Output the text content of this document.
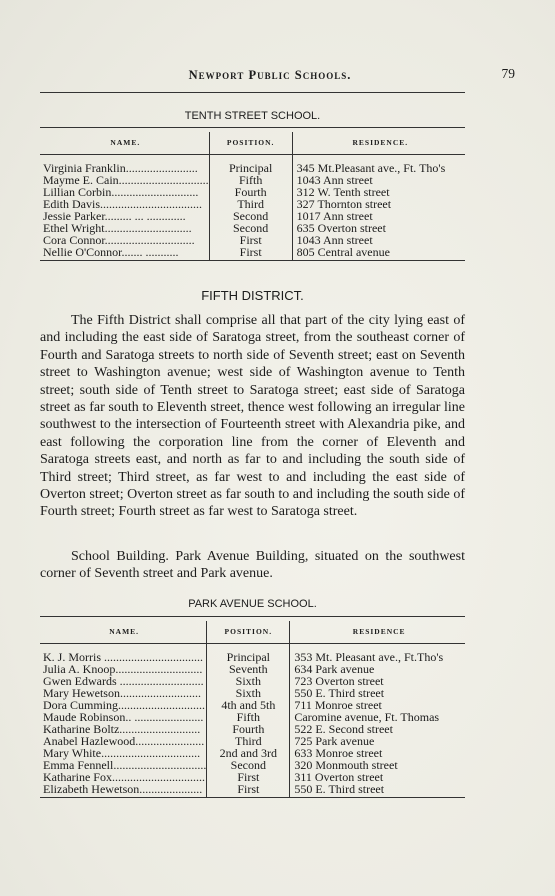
Newport Public Schools.	79
TENTH STREET SCHOOL.
NAME.	POSITION.	RESIDENCE.

Virginia Franklin........................	Principal	345 Mt.Pleasant ave., Ft. Tho's
Mayme E. Cain..............................	Fifth	1043 Ann street
Lillian Corbin.............................	Fourth	312 W. Tenth street
Edith Davis..................................	Third	327 Thornton street
Jessie Parker......... ... .............	Second	1017 Ann street
Ethel Wright.............................	Second	635 Overton street
Cora Connor..............................	First	1043 Ann street
Nellie O'Connor....... ...........	First	805 Central avenue
FIFTH DISTRICT.

The Fifth District shall comprise all that part of the city lying east of and including the east side of Saratoga street, from the southeast corner of Fourth and Saratoga streets to north side of Seventh street; east on Seventh street to Washington avenue; west side of Washington avenue to Tenth street; south side of Tenth street to Saratoga street; east side of Saratoga street as far south to Eleventh street, thence west following an irregular line southwest to the intersection of Fourteenth street with Alexandria pike, and east following the corporation line from the corner of Eleventh and Saratoga streets east, and north as far to and including the south side of Third street; Third street, as far west to and including the east side of Overton street; Overton street as far south to and including the south side of Fourth street; Fourth street as far west to Saratoga street.

School Building. Park Avenue Building, situated on the southwest corner of Seventh street and Park avenue.

PARK AVENUE SCHOOL.
NAME.	POSITION.	RESIDENCE

K. J. Morris .................................	Principal	353 Mt. Pleasant ave., Ft.Tho's
Julia A. Knoop.............................	Seventh	634 Park avenue
Gwen Edwards ............................	Sixth	723 Overton street
Mary Hewetson...........................	Sixth	550 E. Third street
Dora Cumming.............................	4th and 5th	711 Monroe street
Maude Robinson.. .......................	Fifth	Caromine avenue, Ft. Thomas
Katharine Boltz...........................	Fourth	522 E. Second street
Anabel Hazlewood.......................	Third	725 Park avenue
Mary White.................................	2nd and 3rd	633 Monroe street
Emma Fennell...............................	Second	320 Monmouth street
Katharine Fox...............................	First	311 Overton street
Elizabeth Hewetson.....................	First	550 E. Third street
